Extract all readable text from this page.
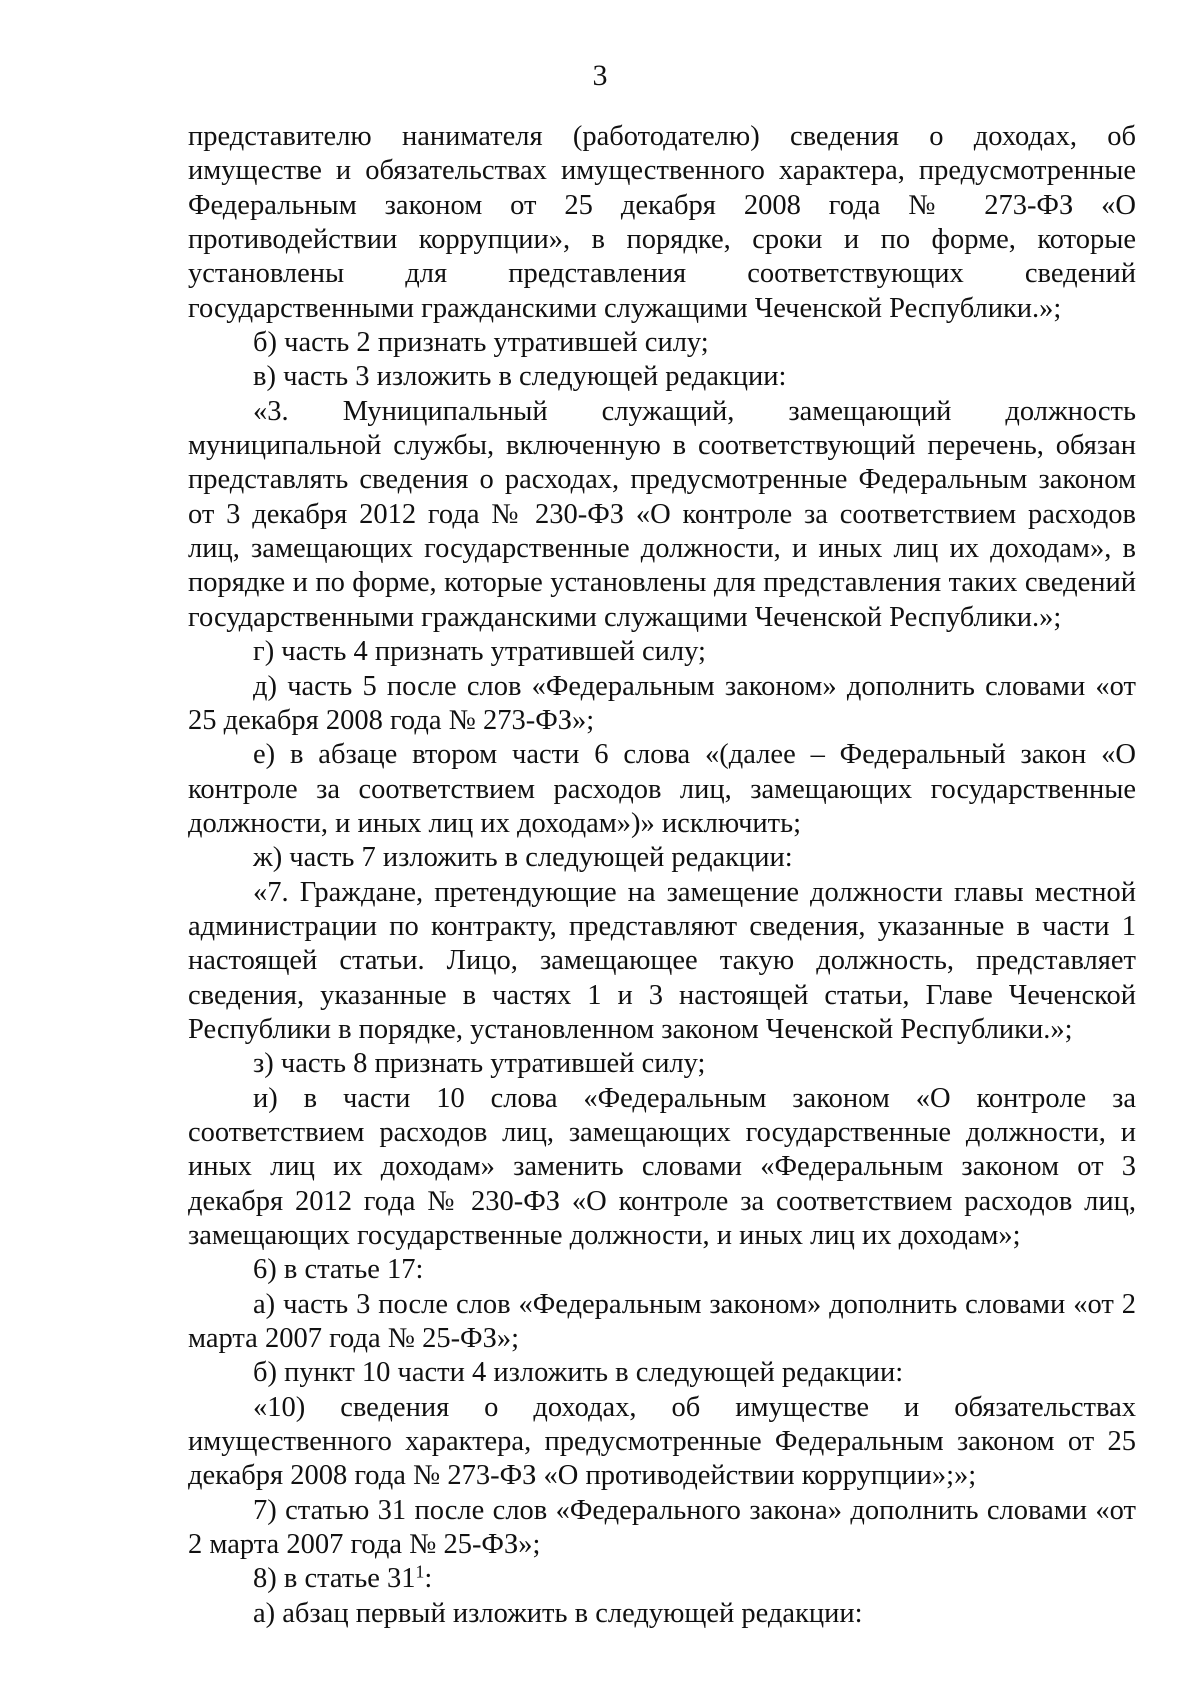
3

представителю нанимателя (работодателю) сведения о доходах, об имуществе и обязательствах имущественного характера, предусмотренные Федеральным законом от 25 декабря 2008 года № 273-ФЗ «О противодействии коррупции», в порядке, сроки и по форме, которые установлены для представления соответствующих сведений государственными гражданскими служащими Чеченской Республики.»;

б) часть 2 признать утратившей силу;

в) часть 3 изложить в следующей редакции:

«3. Муниципальный служащий, замещающий должность муниципальной службы, включенную в соответствующий перечень, обязан представлять сведения о расходах, предусмотренные Федеральным законом от 3 декабря 2012 года № 230-ФЗ «О контроле за соответствием расходов лиц, замещающих государственные должности, и иных лиц их доходам», в порядке и по форме, которые установлены для представления таких сведений государственными гражданскими служащими Чеченской Республики.»;

г) часть 4 признать утратившей силу;

д) часть 5 после слов «Федеральным законом» дополнить словами «от 25 декабря 2008 года № 273-ФЗ»;

е) в абзаце втором части 6 слова «(далее – Федеральный закон «О контроле за соответствием расходов лиц, замещающих государственные должности, и иных лиц их доходам»)» исключить;

ж) часть 7 изложить в следующей редакции:

«7. Граждане, претендующие на замещение должности главы местной администрации по контракту, представляют сведения, указанные в части 1 настоящей статьи. Лицо, замещающее такую должность, представляет сведения, указанные в частях 1 и 3 настоящей статьи, Главе Чеченской Республики в порядке, установленном законом Чеченской Республики.»;

з) часть 8 признать утратившей силу;

и) в части 10 слова «Федеральным законом «О контроле за соответствием расходов лиц, замещающих государственные должности, и иных лиц их доходам» заменить словами «Федеральным законом от 3 декабря 2012 года № 230-ФЗ «О контроле за соответствием расходов лиц, замещающих государственные должности, и иных лиц их доходам»;

6) в статье 17:

а) часть 3 после слов «Федеральным законом» дополнить словами «от 2 марта 2007 года № 25-ФЗ»;

б) пункт 10 части 4 изложить в следующей редакции:

«10) сведения о доходах, об имуществе и обязательствах имущественного характера, предусмотренные Федеральным законом от 25 декабря 2008 года № 273-ФЗ «О противодействии коррупции»;»;

7) статью 31 после слов «Федерального закона» дополнить словами «от 2 марта 2007 года № 25-ФЗ»;

8) в статье $31^1$:

а) абзац первый изложить в следующей редакции:
